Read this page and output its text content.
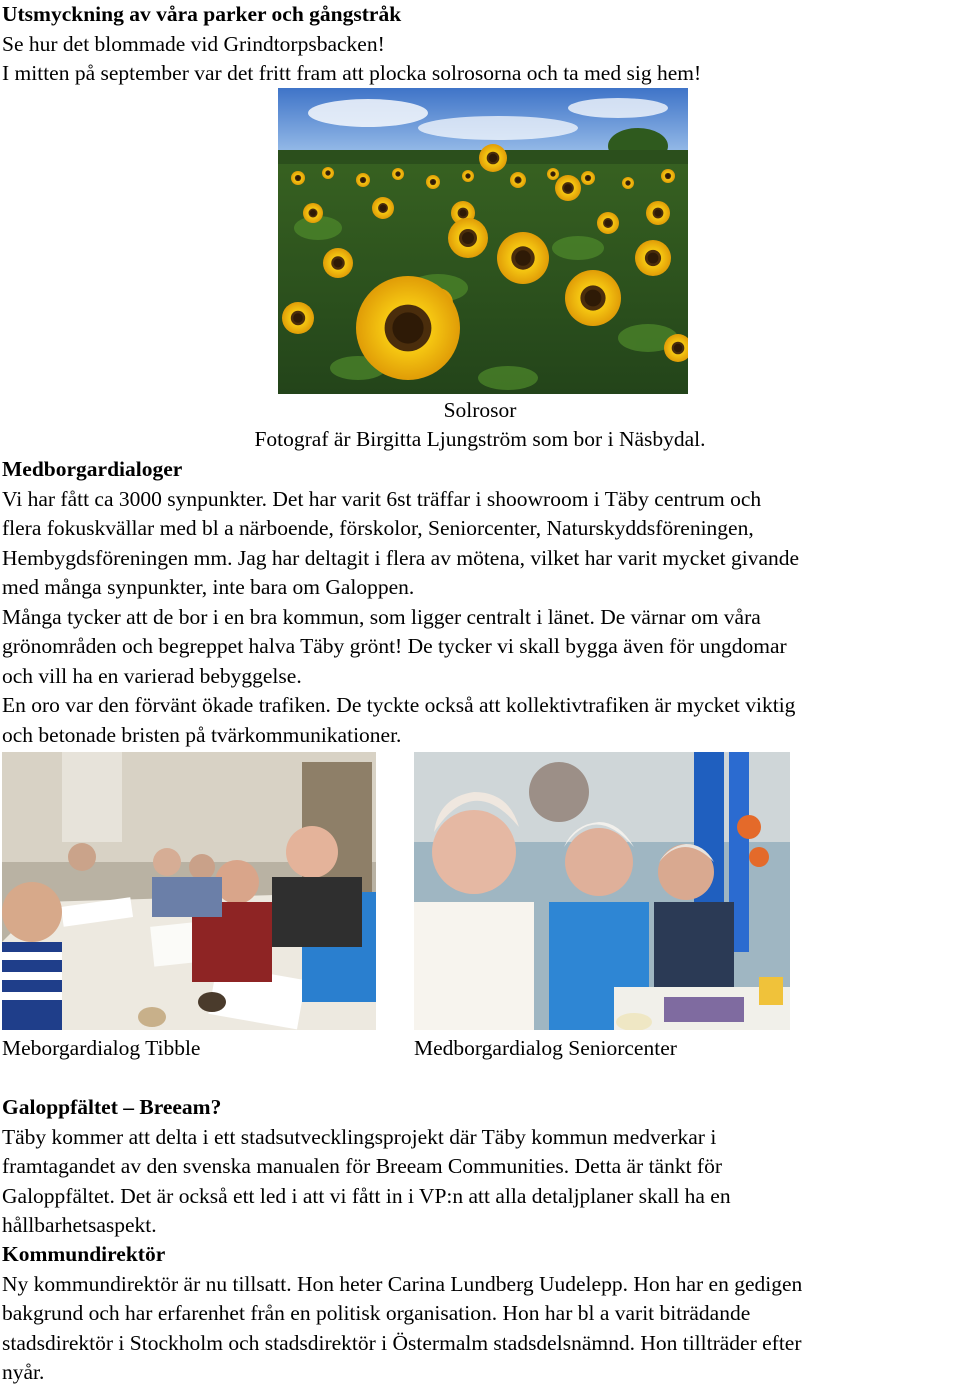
Utsmyckning av våra parker och gångstråk
Se hur det blommade vid Grindtorpsbacken!
I mitten på september var det fritt fram att plocka solrosorna och ta med sig hem!
Solrosor
Fotograf är Birgitta Ljungström som bor i Näsbydal.
Medborgardialoger
Vi har fått ca 3000 synpunkter. Det har varit 6st träffar i shoowroom i Täby centrum och
flera fokuskvällar med bl a närboende, förskolor, Seniorcenter, Naturskyddsföreningen,
Hembygdsföreningen mm. Jag har deltagit i flera av mötena, vilket har varit mycket givande
med många synpunkter, inte bara om Galoppen.
Många tycker att de bor i en bra kommun, som ligger centralt i länet. De värnar om våra
grönområden och begreppet halva Täby grönt! De tycker vi skall bygga även för ungdomar
och vill ha en varierad bebyggelse.
En oro var den förvänt ökade trafiken. De tyckte också att kollektivtrafiken är mycket viktig
och betonade bristen på tvärkommunikationer.
Meborgardialog Tibble	Medborgardialog Seniorcenter
Galoppfältet – Breeam?
Täby kommer att delta i ett stadsutvecklingsprojekt där Täby kommun medverkar i
framtagandet av den svenska manualen för Breeam Communities. Detta är tänkt för
Galoppfältet. Det är också ett led i att vi fått in i VP:n att alla detaljplaner skall ha en
hållbarhetsaspekt.
Kommundirektör
Ny kommundirektör är nu tillsatt. Hon heter Carina Lundberg Uudelepp. Hon har en gedigen
bakgrund och har erfarenhet från en politisk organisation. Hon har bl a varit biträdande
stadsdirektör i Stockholm och stadsdirektör i Östermalm stadsdelsnämnd. Hon tillträder efter
nyår.
